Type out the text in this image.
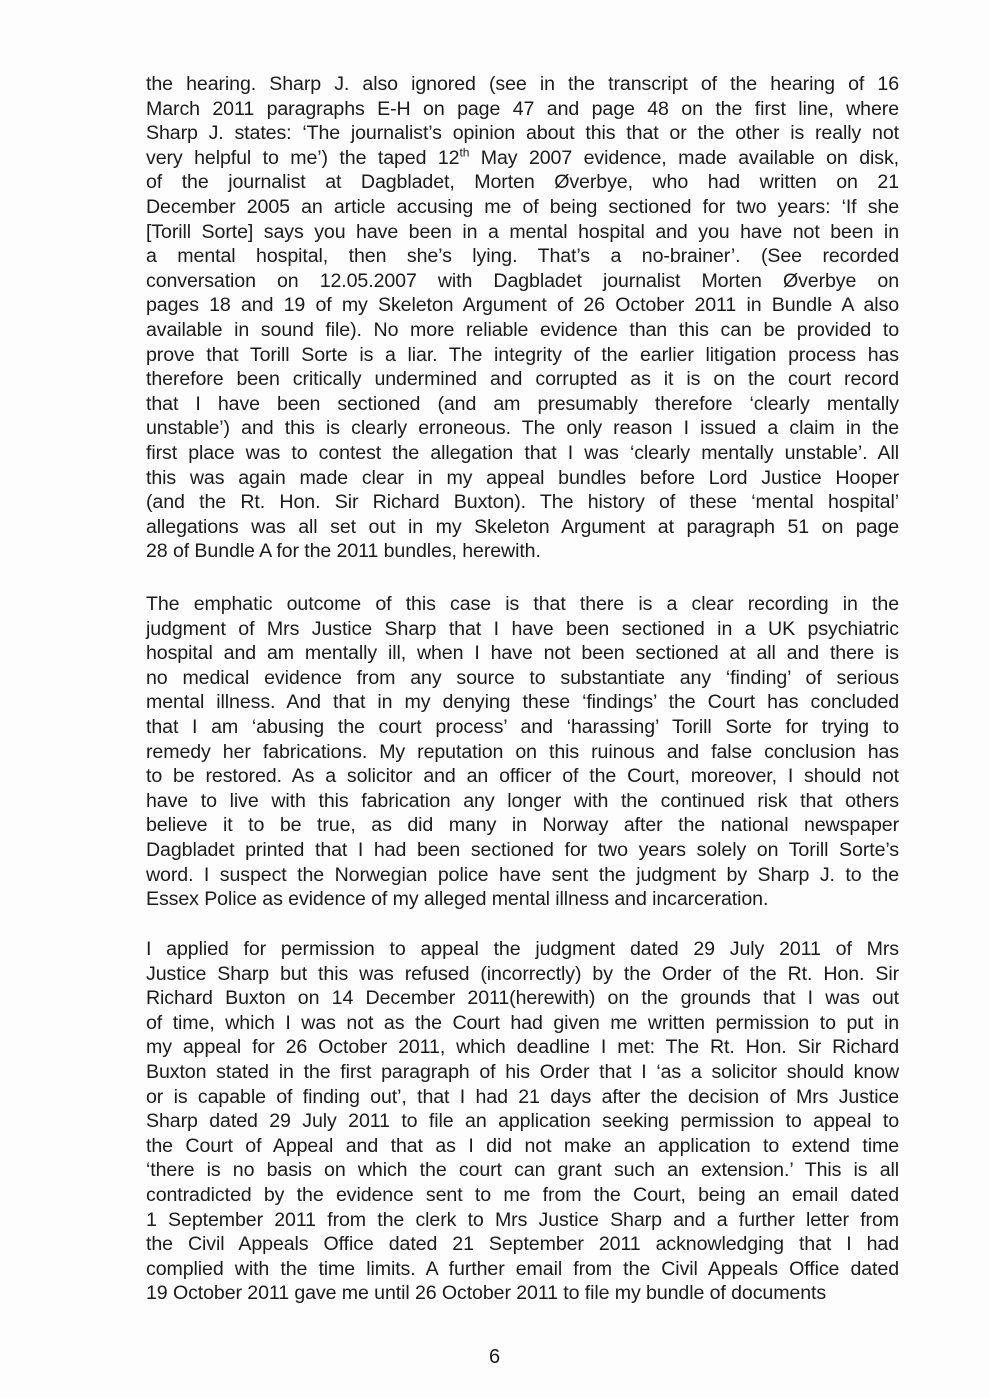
the hearing. Sharp J. also ignored (see in the transcript of the hearing of 16
March 2011 paragraphs E-H on page 47 and page 48 on the first line, where
Sharp J. states: ‘The journalist’s opinion about this that or the other is really not
very helpful to me’) the taped 12th May 2007 evidence, made available on disk,
of the journalist at Dagbladet, Morten Øverbye, who had written on 21
December 2005 an article accusing me of being sectioned for two years: ‘If she
[Torill Sorte] says you have been in a mental hospital and you have not been in
a mental hospital, then she’s lying. That’s a no-brainer’. (See recorded
conversation on 12.05.2007 with Dagbladet journalist Morten Øverbye on
pages 18 and 19 of my Skeleton Argument of 26 October 2011 in Bundle A also
available in sound file). No more reliable evidence than this can be provided to
prove that Torill Sorte is a liar. The integrity of the earlier litigation process has
therefore been critically undermined and corrupted as it is on the court record
that I have been sectioned (and am presumably therefore ‘clearly mentally
unstable’) and this is clearly erroneous. The only reason I issued a claim in the
first place was to contest the allegation that I was ‘clearly mentally unstable’. All
this was again made clear in my appeal bundles before Lord Justice Hooper
(and the Rt. Hon. Sir Richard Buxton). The history of these ‘mental hospital’
allegations was all set out in my Skeleton Argument at paragraph 51 on page
28 of Bundle A for the 2011 bundles, herewith.
The emphatic outcome of this case is that there is a clear recording in the
judgment of Mrs Justice Sharp that I have been sectioned in a UK psychiatric
hospital and am mentally ill, when I have not been sectioned at all and there is
no medical evidence from any source to substantiate any ‘finding’ of serious
mental illness. And that in my denying these ‘findings’ the Court has concluded
that I am ‘abusing the court process’ and ‘harassing’ Torill Sorte for trying to
remedy her fabrications. My reputation on this ruinous and false conclusion has
to be restored. As a solicitor and an officer of the Court, moreover, I should not
have to live with this fabrication any longer with the continued risk that others
believe it to be true, as did many in Norway after the national newspaper
Dagbladet printed that I had been sectioned for two years solely on Torill Sorte’s
word. I suspect the Norwegian police have sent the judgment by Sharp J. to the
Essex Police as evidence of my alleged mental illness and incarceration.
I applied for permission to appeal the judgment dated 29 July 2011 of Mrs
Justice Sharp but this was refused (incorrectly) by the Order of the Rt. Hon. Sir
Richard Buxton on 14 December 2011(herewith) on the grounds that I was out
of time, which I was not as the Court had given me written permission to put in
my appeal for 26 October 2011, which deadline I met: The Rt. Hon. Sir Richard
Buxton stated in the first paragraph of his Order that I ‘as a solicitor should know
or is capable of finding out’, that I had 21 days after the decision of Mrs Justice
Sharp dated 29 July 2011 to file an application seeking permission to appeal to
the Court of Appeal and that as I did not make an application to extend time
‘there is no basis on which the court can grant such an extension.’ This is all
contradicted by the evidence sent to me from the Court, being an email dated
1 September 2011 from the clerk to Mrs Justice Sharp and a further letter from
the Civil Appeals Office dated 21 September 2011 acknowledging that I had
complied with the time limits. A further email from the Civil Appeals Office dated
19 October 2011 gave me until 26 October 2011 to file my bundle of documents
6
